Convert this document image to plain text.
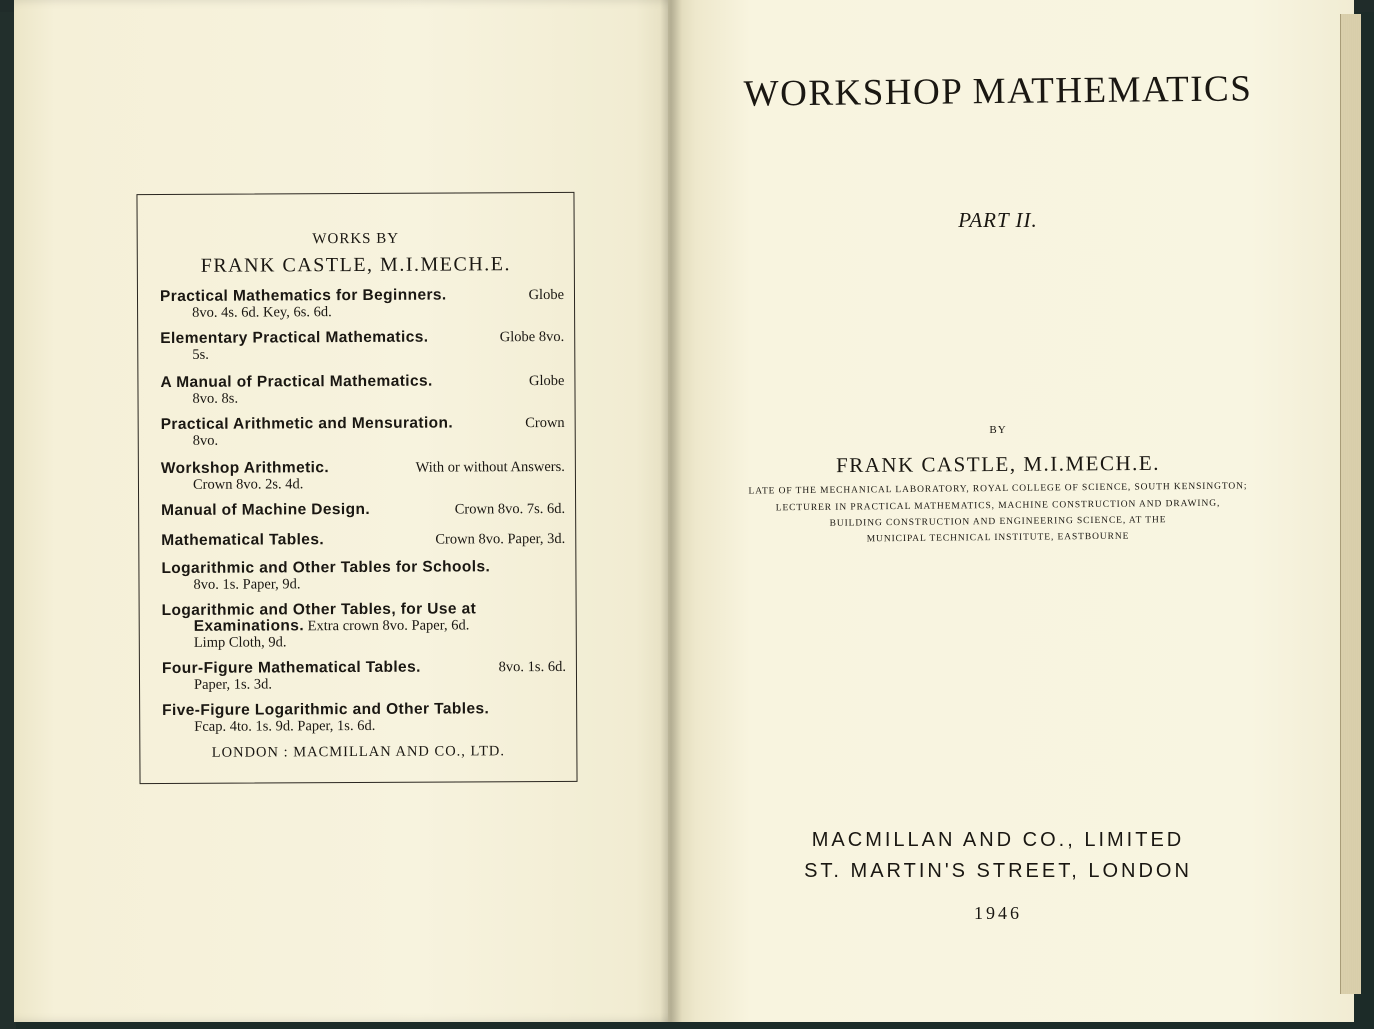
WORKS BY
FRANK CASTLE, M.I.MECH.E.
Practical Mathematics for Beginners.	Globe
8vo. 4s. 6d. Key, 6s. 6d.
Elementary Practical Mathematics.	Globe 8vo.
5s.
A Manual of Practical Mathematics.	Globe
8vo. 8s.
Practical Arithmetic and Mensuration.	Crown
8vo.
Workshop Arithmetic.	With or without Answers.
Crown 8vo. 2s. 4d.
Manual of Machine Design.	Crown 8vo. 7s. 6d.
Mathematical Tables.	Crown 8vo. Paper, 3d.
Logarithmic and Other Tables for Schools.
8vo. 1s. Paper, 9d.
Logarithmic and Other Tables, for Use at
Examinations. Extra crown 8vo. Paper, 6d.
Limp Cloth, 9d.
Four-Figure Mathematical Tables.	8vo. 1s. 6d.
Paper, 1s. 3d.
Five-Figure Logarithmic and Other Tables.
Fcap. 4to. 1s. 9d. Paper, 1s. 6d.
LONDON : MACMILLAN AND CO., LTD.
WORKSHOP MATHEMATICS
PART II.
BY
FRANK CASTLE, M.I.MECH.E.
LATE OF THE MECHANICAL LABORATORY, ROYAL COLLEGE OF SCIENCE, SOUTH KENSINGTON;
LECTURER IN PRACTICAL MATHEMATICS, MACHINE CONSTRUCTION AND DRAWING,
BUILDING CONSTRUCTION AND ENGINEERING SCIENCE, AT THE
MUNICIPAL TECHNICAL INSTITUTE, EASTBOURNE
MACMILLAN AND CO., LIMITED
ST. MARTIN'S STREET, LONDON
1946
